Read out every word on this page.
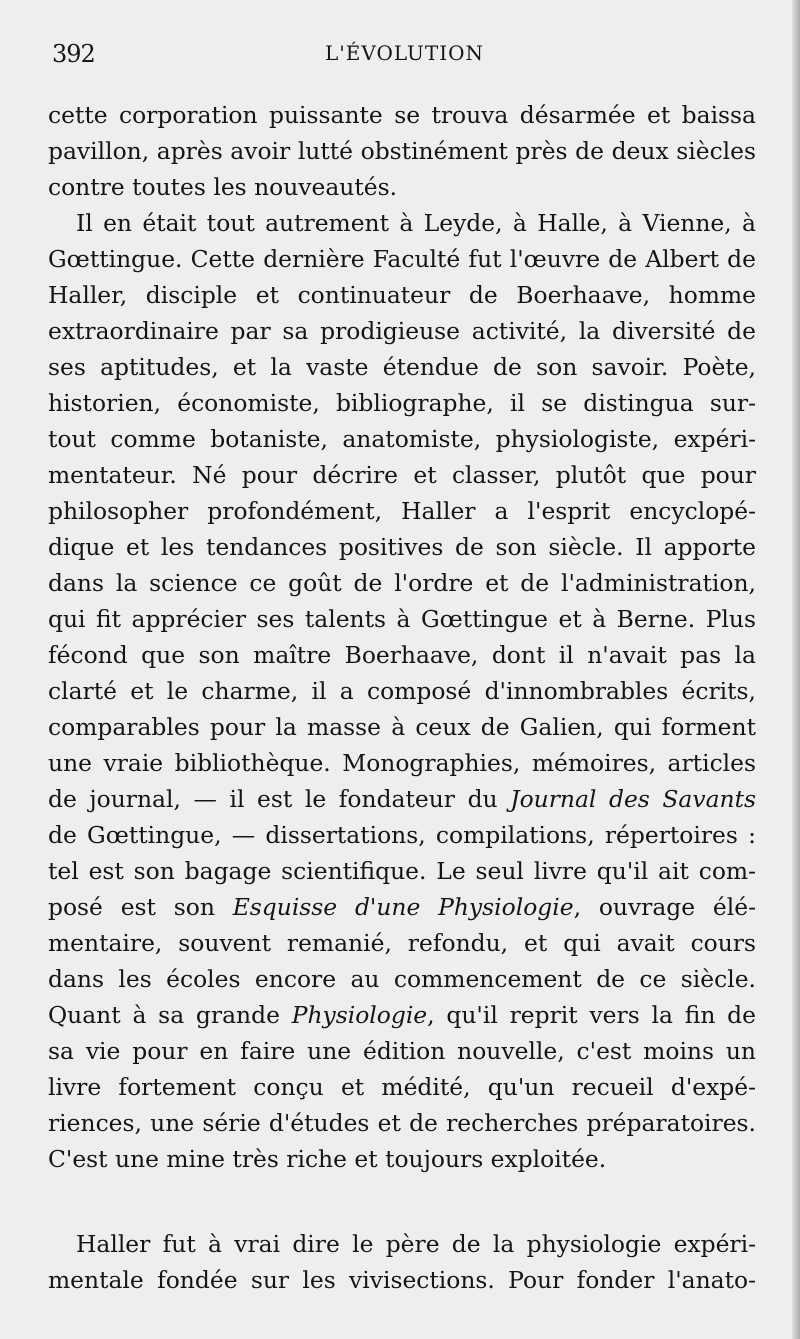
392	L'ÉVOLUTION
cette corporation puissante se trouva désarmée et baissa
pavillon, après avoir lutté obstinément près de deux siècles
contre toutes les nouveautés.
Il en était tout autrement à Leyde, à Halle, à Vienne, à
Gœttingue. Cette dernière Faculté fut l'œuvre de Albert de
Haller, disciple et continuateur de Boerhaave, homme
extraordinaire par sa prodigieuse activité, la diversité de
ses aptitudes, et la vaste étendue de son savoir. Poète,
historien, économiste, bibliographe, il se distingua sur-
tout comme botaniste, anatomiste, physiologiste, expéri-
mentateur. Né pour décrire et classer, plutôt que pour
philosopher profondément, Haller a l'esprit encyclopé-
dique et les tendances positives de son siècle. Il apporte
dans la science ce goût de l'ordre et de l'administration,
qui fit apprécier ses talents à Gœttingue et à Berne. Plus
fécond que son maître Boerhaave, dont il n'avait pas la
clarté et le charme, il a composé d'innombrables écrits,
comparables pour la masse à ceux de Galien, qui forment
une vraie bibliothèque. Monographies, mémoires, articles
de journal, — il est le fondateur du Journal des Savants
de Gœttingue, — dissertations, compilations, répertoires :
tel est son bagage scientifique. Le seul livre qu'il ait com-
posé est son Esquisse d'une Physiologie, ouvrage élé-
mentaire, souvent remanié, refondu, et qui avait cours
dans les écoles encore au commencement de ce siècle.
Quant à sa grande Physiologie, qu'il reprit vers la fin de
sa vie pour en faire une édition nouvelle, c'est moins un
livre fortement conçu et médité, qu'un recueil d'expé-
riences, une série d'études et de recherches préparatoires.
C'est une mine très riche et toujours exploitée.
Haller fut à vrai dire le père de la physiologie expéri-
mentale fondée sur les vivisections. Pour fonder l'anato-
